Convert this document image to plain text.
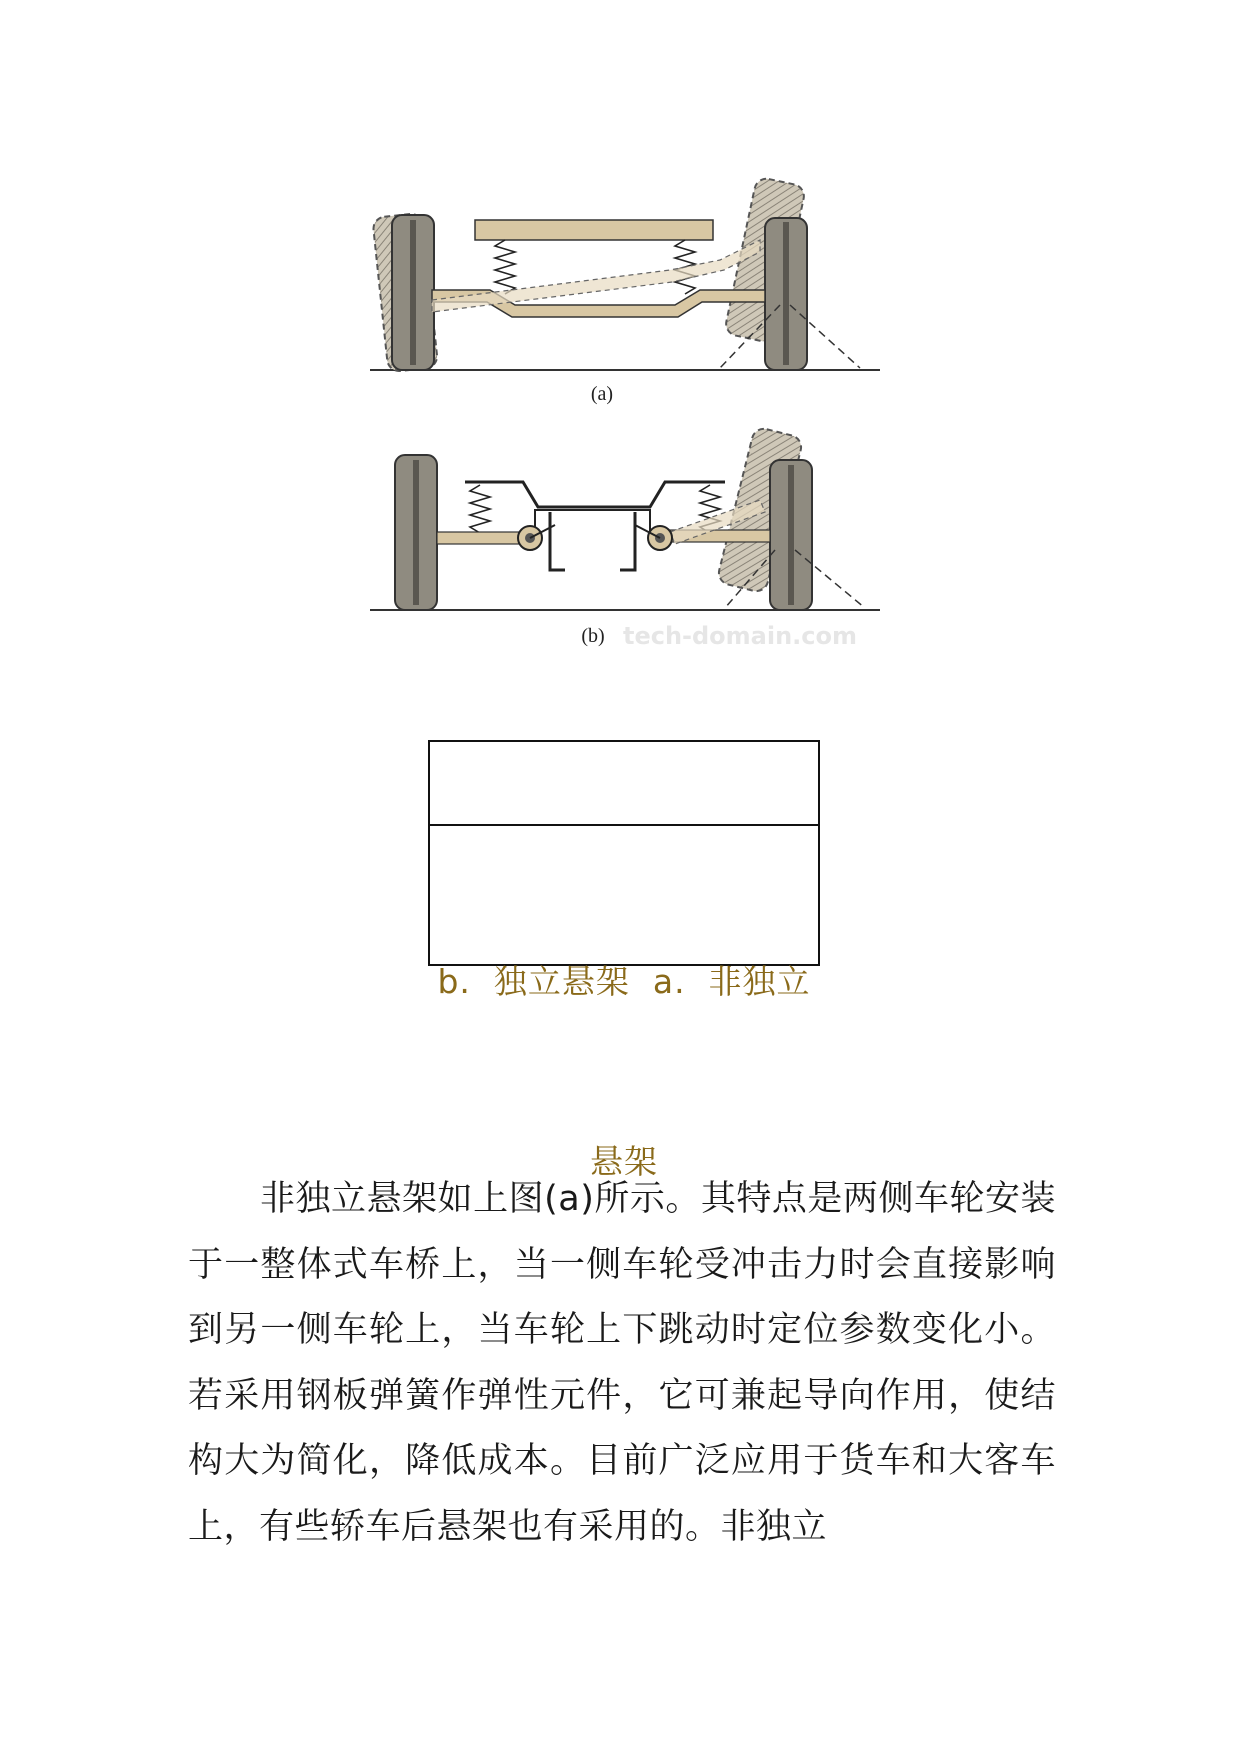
(a)
(b) tech-domain.com

b.  独立悬架  a.  非独立

悬架

非独立悬架如上图(a)所示。其特点是两侧车轮安装于一整体式车桥上，当一侧车轮受冲击力时会直接影响到另一侧车轮上，当车轮上下跳动时定位参数变化小。若采用钢板弹簧作弹性元件，它可兼起导向作用，使结构大为简化，降低成本。目前广泛应用于货车和大客车上，有些轿车后悬架也有采用的。非独立
